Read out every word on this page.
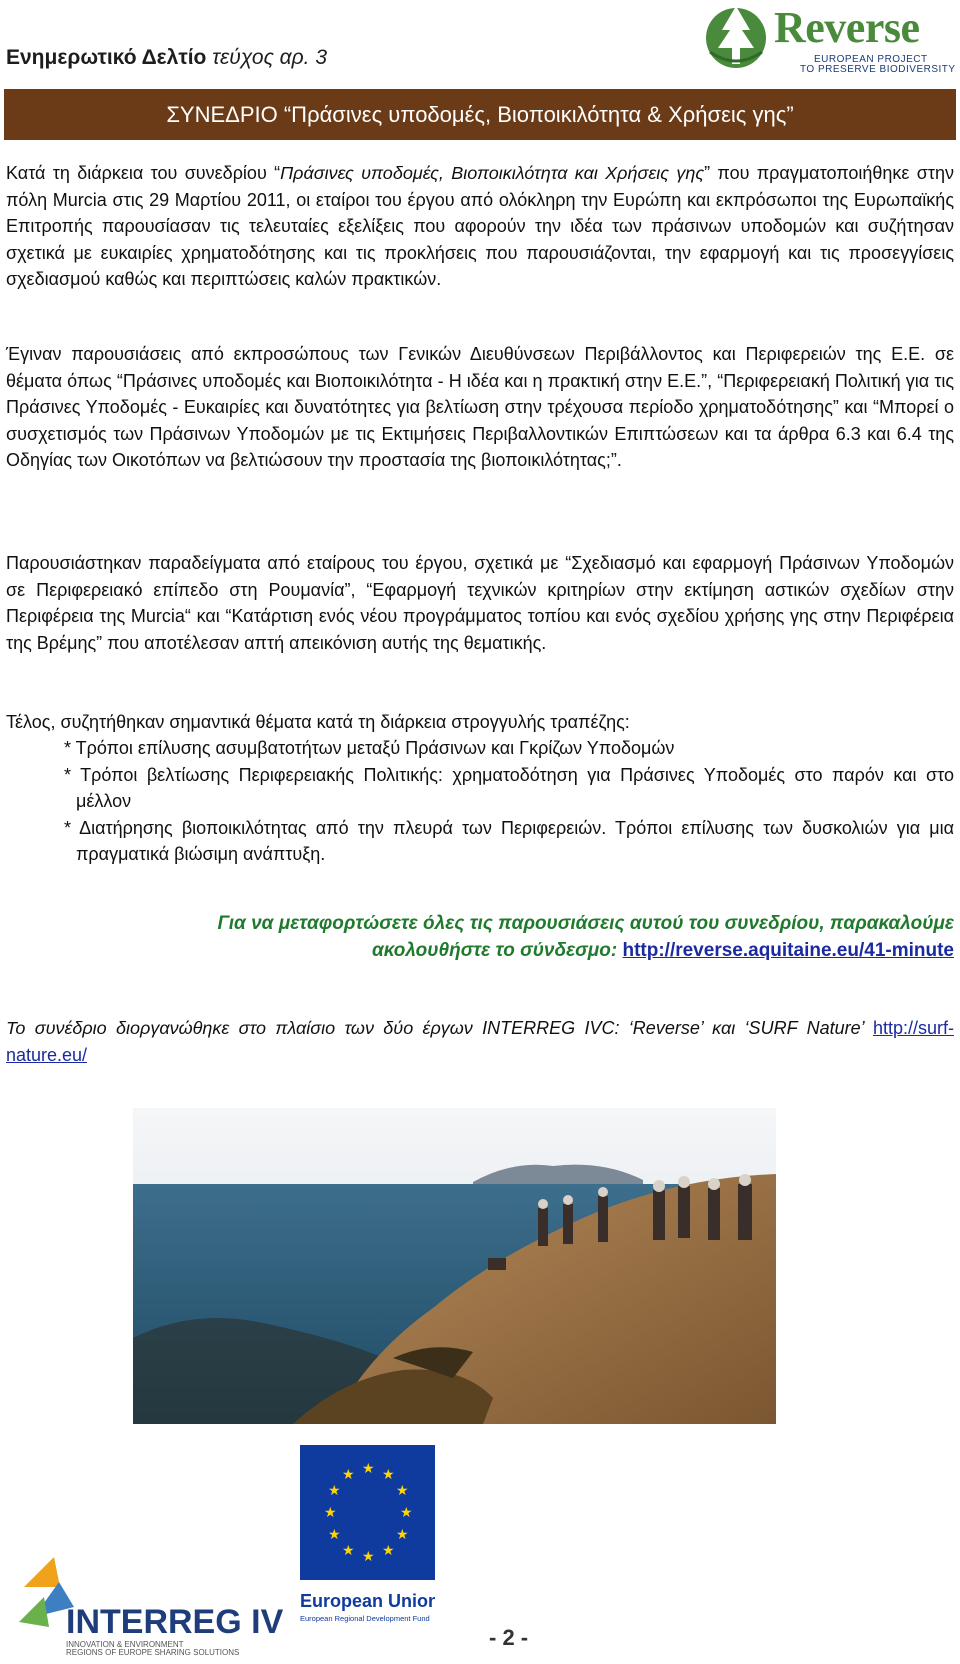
Ενημερωτικό Δελτίο τεύχος αρ. 3
Reverse
EUROPEAN PROJECT
TO PRESERVE BIODIVERSITY
ΣΥΝΕΔΡΙΟ “Πράσινες υποδομές, Βιοποικιλότητα & Χρήσεις γης”
Κατά τη διάρκεια του συνεδρίου “Πράσινες υποδομές, Βιοποικιλότητα και Χρήσεις γης” που πραγματοποιήθηκε στην πόλη Murcia στις 29 Μαρτίου 2011, οι εταίροι του έργου από ολόκληρη την Ευρώπη και εκπρόσωποι της Ευρωπαϊκής Επιτροπής παρουσίασαν τις τελευταίες εξελίξεις που αφορούν την ιδέα των πράσινων υποδομών και συζήτησαν σχετικά με ευκαιρίες χρηματοδότησης και τις προκλήσεις που παρουσιάζονται, την εφαρμογή και τις προσεγγίσεις σχεδιασμού καθώς και περιπτώσεις καλών πρακτικών.
Έγιναν παρουσιάσεις από εκπροσώπους των Γενικών Διευθύνσεων Περιβάλλοντος και Περιφερειών της Ε.Ε. σε θέματα όπως “Πράσινες υποδομές και Βιοποικιλότητα - Η ιδέα και η πρακτική στην Ε.Ε.”, “Περιφερειακή Πολιτική για τις Πράσινες Υποδομές - Ευκαιρίες και δυνατότητες για βελτίωση στην τρέχουσα περίοδο χρηματοδότησης” και “Μπορεί ο συσχετισμός των Πράσινων Υποδομών με τις Εκτιμήσεις Περιβαλλοντικών Επιπτώσεων και τα άρθρα 6.3 και 6.4 της Οδηγίας των Οικοτόπων να βελτιώσουν την προστασία της βιοποικιλότητας;”.
Παρουσιάστηκαν παραδείγματα από εταίρους του έργου, σχετικά με “Σχεδιασμό και εφαρμογή Πράσινων Υποδομών σε Περιφερειακό επίπεδο στη Ρουμανία”, “Εφαρμογή τεχνικών κριτηρίων στην εκτίμηση αστικών σχεδίων στην Περιφέρεια της Murcia“ και “Κατάρτιση ενός νέου προγράμματος τοπίου και ενός σχεδίου χρήσης γης στην Περιφέρεια της Βρέμης” που αποτέλεσαν απτή απεικόνιση αυτής της θεματικής.
Τέλος, συζητήθηκαν σημαντικά θέματα κατά τη διάρκεια στρογγυλής τραπέζης:
* Τρόποι επίλυσης ασυμβατοτήτων μεταξύ Πράσινων και Γκρίζων Υποδομών
* Τρόποι βελτίωσης Περιφερειακής Πολιτικής: χρηματοδότηση για Πράσινες Υποδομές στο παρόν και στο μέλλον
* Διατήρησης βιοποικιλότητας από την πλευρά των Περιφερειών. Τρόποι επίλυσης των δυσκολιών για μια πραγματικά βιώσιμη ανάπτυξη.
Για να μεταφορτώσετε όλες τις παρουσιάσεις αυτού του συνεδρίου, παρακαλούμε
ακολουθήστε το σύνδεσμο: http://reverse.aquitaine.eu/41-minute
Το συνέδριο διοργανώθηκε στο πλαίσιο των δύο έργων INTERREG IVC: ‘Reverse’ και ‘SURF Nature’ http://surf-nature.eu/
INTERREG IVC
INNOVATION & ENVIRONMENT
REGIONS OF EUROPE SHARING SOLUTIONS
★ ★
★
★
★
★
★
★
★
★
★
★
European Union
European Regional Development Fund
- 2 -
